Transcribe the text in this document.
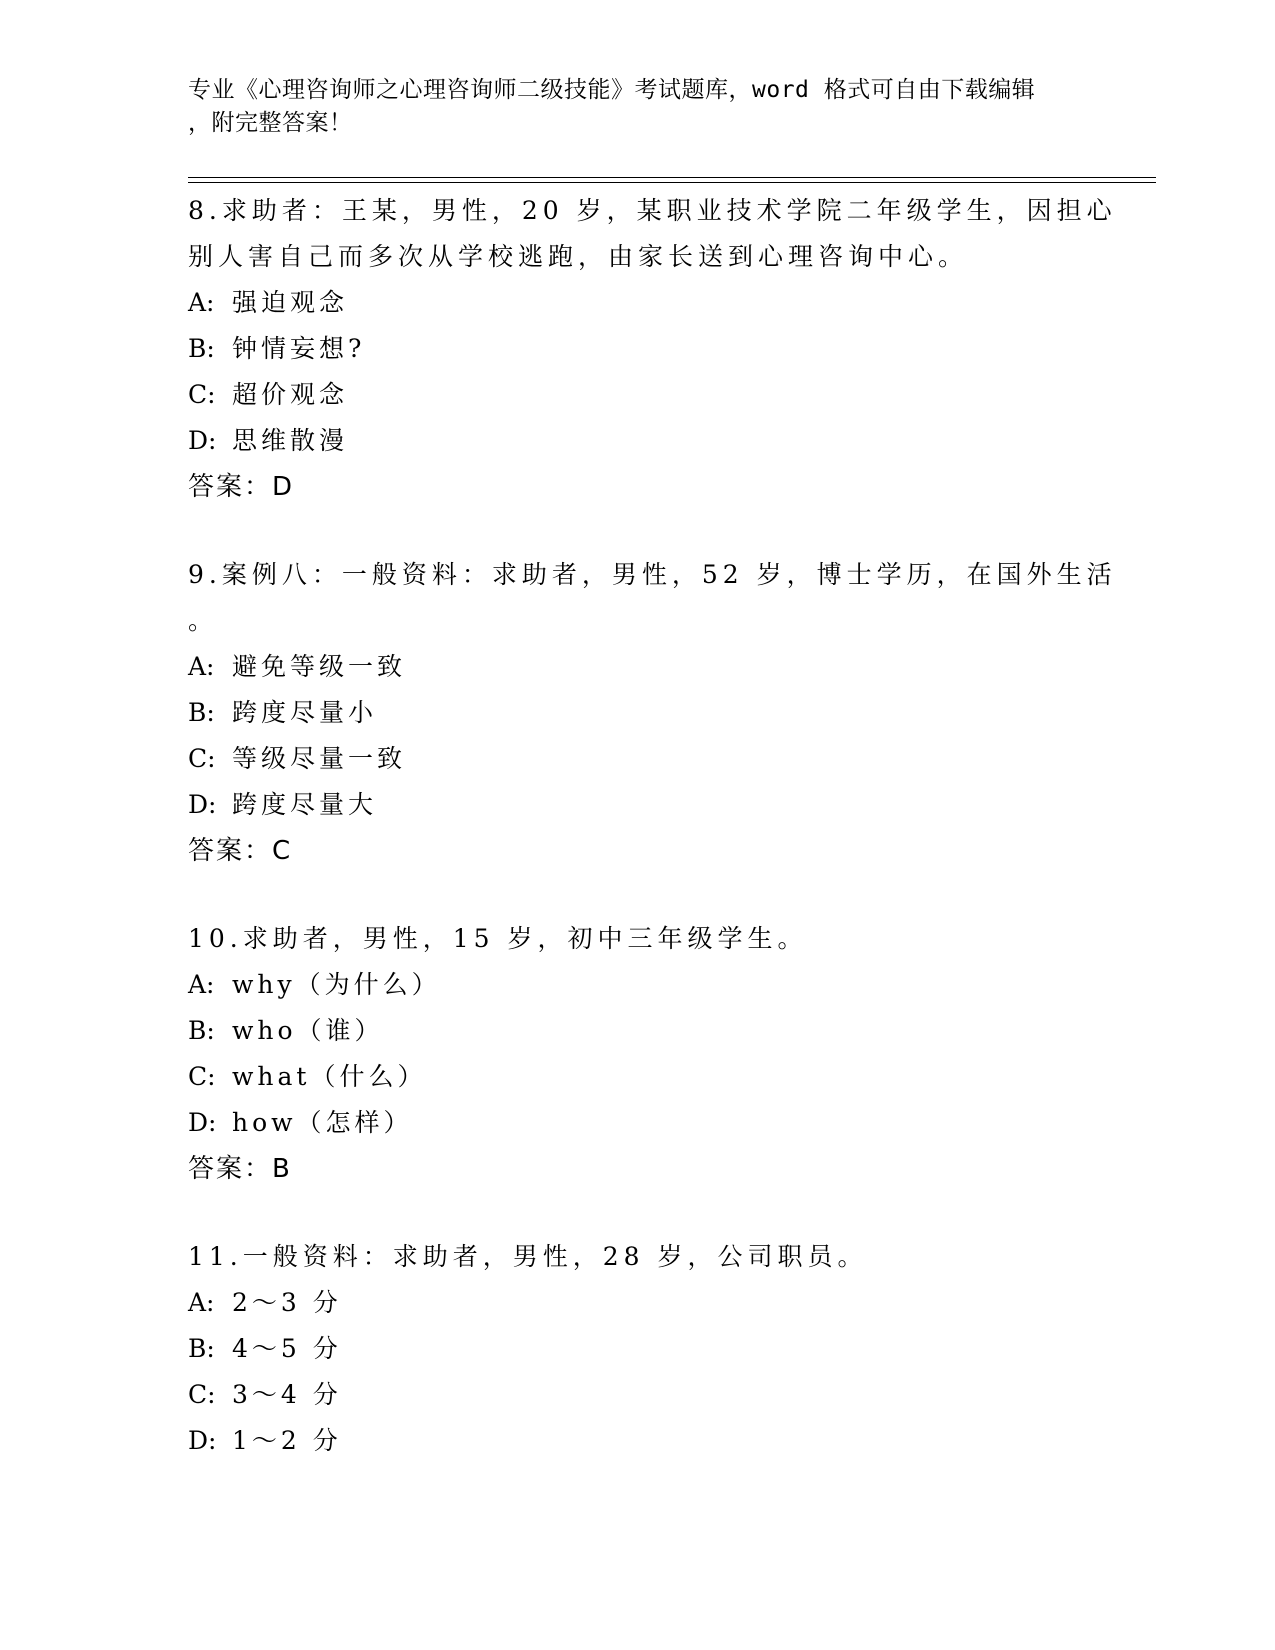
专业《心理咨询师之心理咨询师二级技能》考试题库，word 格式可自由下载编辑
，附完整答案！
8.求助者：王某，男性，20 岁，某职业技术学院二年级学生，因担心
别人害自己而多次从学校逃跑，由家长送到心理咨询中心。
A: 强迫观念
B: 钟情妄想?
C: 超价观念
D: 思维散漫
答案：D
9.案例八：一般资料：求助者，男性，52 岁，博士学历，在国外生活
。
A: 避免等级一致
B: 跨度尽量小
C: 等级尽量一致
D: 跨度尽量大
答案：C
10.求助者，男性，15 岁，初中三年级学生。
A: why（为什么）
B: who（谁）
C: what（什么）
D: how（怎样）
答案：B
11.一般资料：求助者，男性，28 岁，公司职员。
A: 2～3 分
B: 4～5 分
C: 3～4 分
D: 1～2 分
